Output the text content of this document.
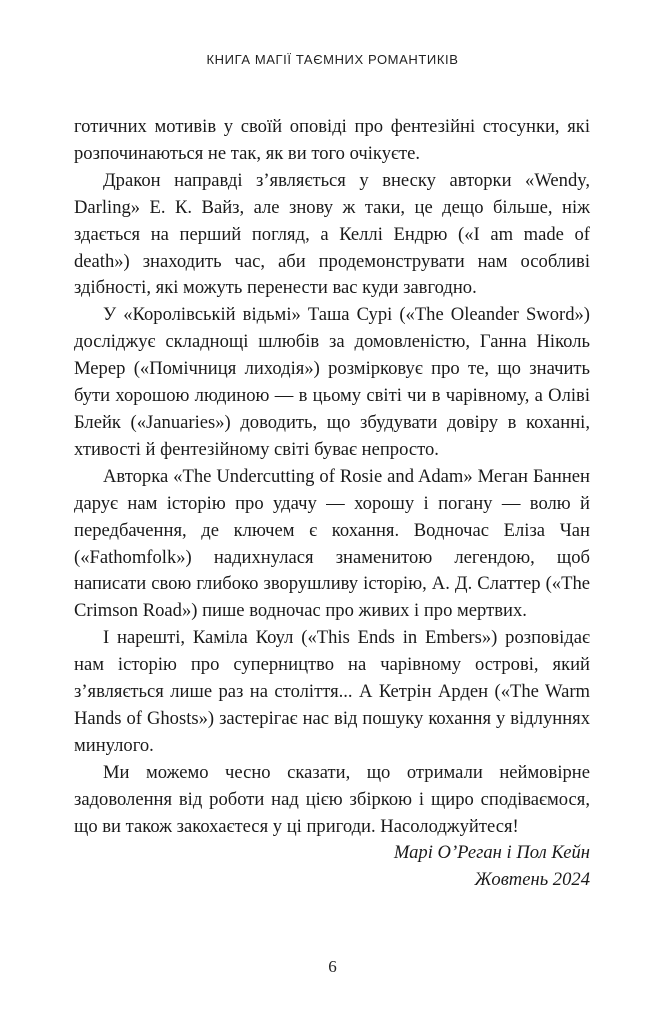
КНИГА МАГІЇ ТАЄМНИХ РОМАНТИКІВ

готичних мотивів у своїй оповіді про фентезійні стосунки, які розпочинаються не так, як ви того очікуєте.

Дракон направді з’являється у внеску авторки «Wendy, Darling» Е. К. Вайз, але знову ж таки, це дещо більше, ніж здається на перший погляд, а Келлі Ендрю («I am made of death») знаходить час, аби продемонструвати нам особливі здібності, які можуть перенести вас куди завгодно.

У «Королівській відьмі» Таша Сурі («The Oleander Sword») досліджує складнощі шлюбів за домовленістю, Ганна Ніколь Мерер («Помічниця лиходія») розмірковує про те, що значить бути хорошою людиною — в цьому світі чи в чарівному, а Оліві Блейк («Januaries») доводить, що збудувати довіру в коханні, хтивості й фентезійному світі буває непросто.

Авторка «The Undercutting of Rosie and Adam» Меган Баннен дарує нам історію про удачу — хорошу і погану — волю й передбачення, де ключем є кохання. Водночас Еліза Чан («Fathomfolk») надихнулася знаменитою легендою, щоб написати свою глибоко зворушливу історію, А. Д. Слаттер («The Crimson Road») пише водночас про живих і про мертвих.

І нарешті, Каміла Коул («This Ends in Embers») розповідає нам історію про суперництво на чарівному острові, який з’являється лише раз на століття... А Кетрін Арден («The Warm Hands of Ghosts») застерігає нас від пошуку кохання у відлуннях минулого.

Ми можемо чесно сказати, що отримали неймовірне задоволення від роботи над цією збіркою і щиро сподіваємося, що ви також закохаєтеся у ці пригоди. Насолоджуйтеся!

Марі О’Реган і Пол Кейн

Жовтень 2024

6
